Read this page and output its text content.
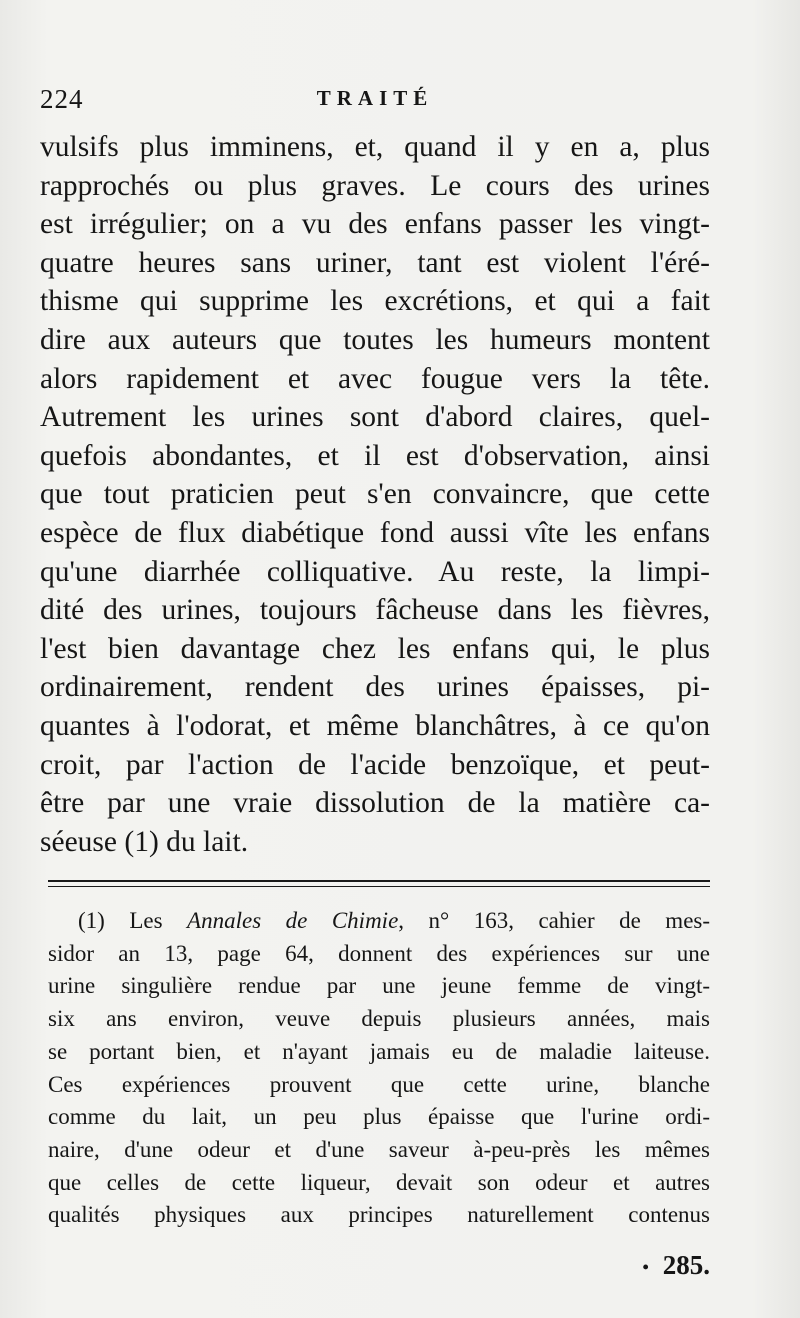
224	TRAITÉ
vulsifs plus imminens, et, quand il y en a, plus
rapprochés ou plus graves. Le cours des urines
est irrégulier; on a vu des enfans passer les vingt-
quatre heures sans uriner, tant est violent l'éré-
thisme qui supprime les excrétions, et qui a fait
dire aux auteurs que toutes les humeurs montent
alors rapidement et avec fougue vers la tête.
Autrement les urines sont d'abord claires, quel-
quefois abondantes, et il est d'observation, ainsi
que tout praticien peut s'en convaincre, que cette
espèce de flux diabétique fond aussi vîte les enfans
qu'une diarrhée colliquative. Au reste, la limpi-
dité des urines, toujours fâcheuse dans les fièvres,
l'est bien davantage chez les enfans qui, le plus
ordinairement, rendent des urines épaisses, pi-
quantes à l'odorat, et même blanchâtres, à ce qu'on
croit, par l'action de l'acide benzoïque, et peut-
être par une vraie dissolution de la matière ca-
séeuse (1) du lait.
(1) Les Annales de Chimie, n° 163, cahier de mes-
sidor an 13, page 64, donnent des expériences sur une
urine singulière rendue par une jeune femme de vingt-
six ans environ, veuve depuis plusieurs années, mais
se portant bien, et n'ayant jamais eu de maladie laiteuse.
Ces expériences prouvent que cette urine, blanche
comme du lait, un peu plus épaisse que l'urine ordi-
naire, d'une odeur et d'une saveur à-peu-près les mêmes
que celles de cette liqueur, devait son odeur et autres
qualités physiques aux principes naturellement contenus
• 285.
